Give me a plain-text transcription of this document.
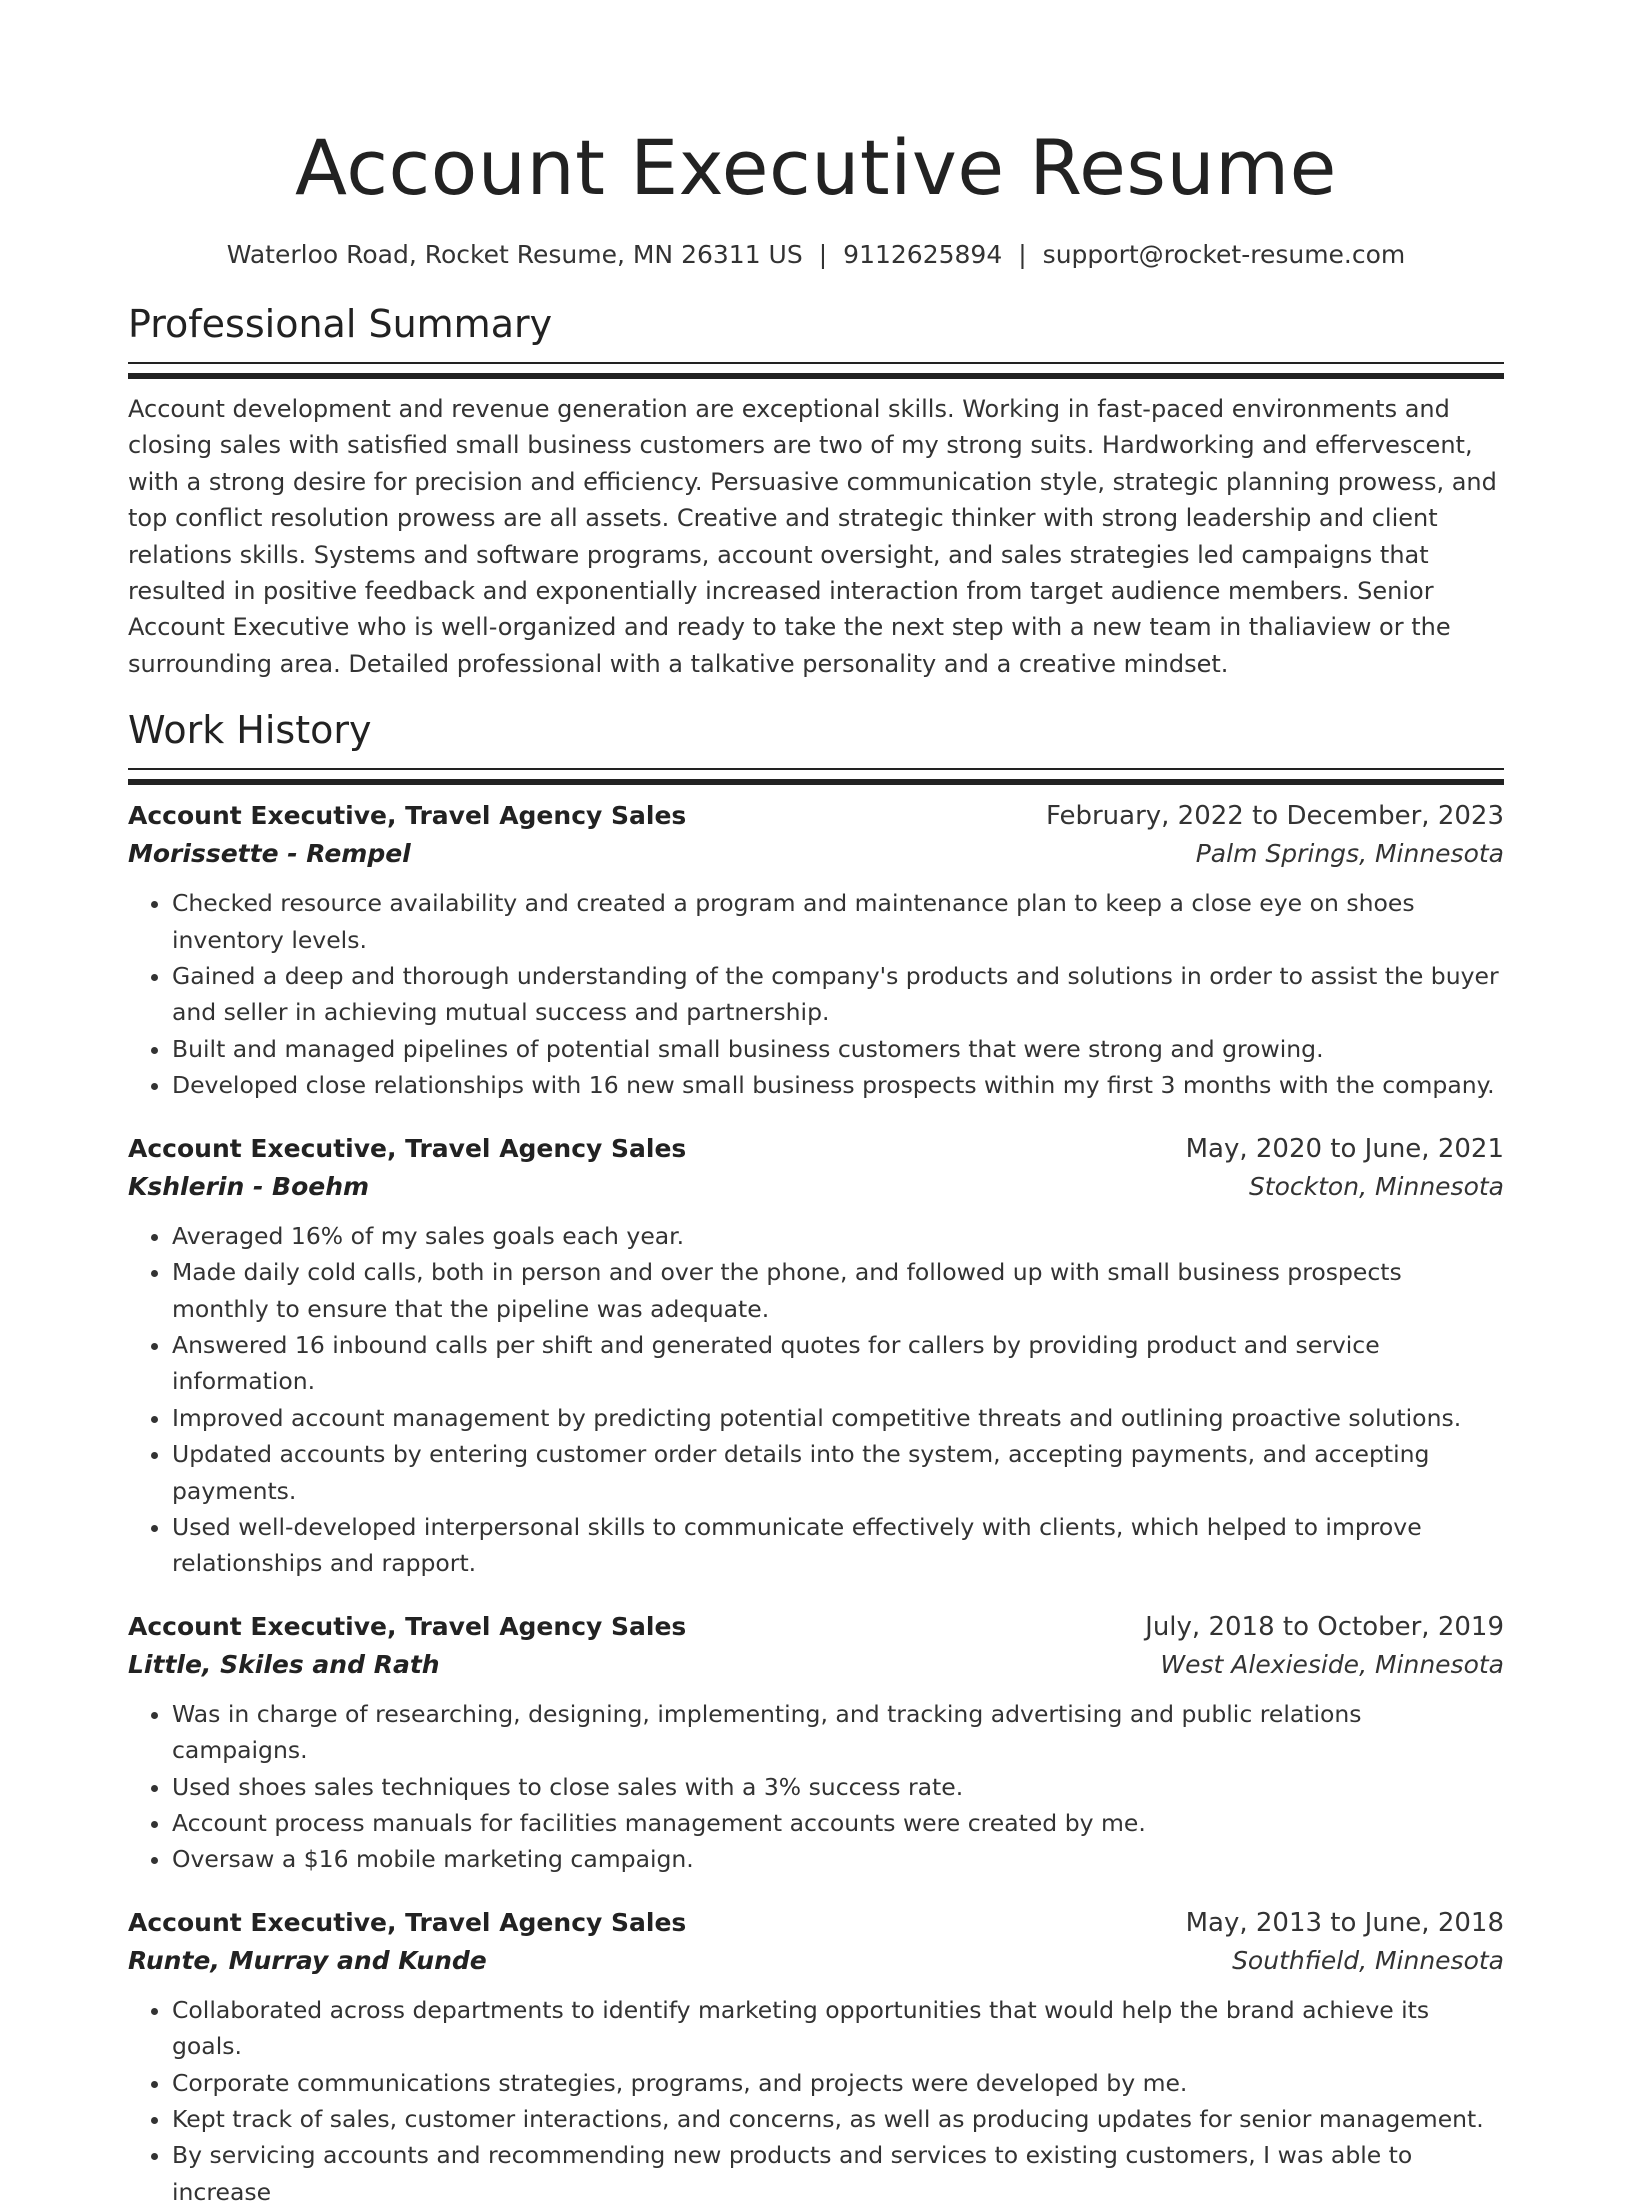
Account Executive Resume
Waterloo Road, Rocket Resume, MN 26311 US | 9112625894 | support@rocket-resume.com
Professional Summary

Account development and revenue generation are exceptional skills. Working in fast-paced environments and closing sales with satisfied small business customers are two of my strong suits. Hardworking and effervescent, with a strong desire for precision and efficiency. Persuasive communication style, strategic planning prowess, and top conflict resolution prowess are all assets. Creative and strategic thinker with strong leadership and client relations skills. Systems and software programs, account oversight, and sales strategies led campaigns that resulted in positive feedback and exponentially increased interaction from target audience members. Senior Account Executive who is well-organized and ready to take the next step with a new team in thaliaview or the surrounding area. Detailed professional with a talkative personality and a creative mindset.

Work History
Account Executive, Travel Agency Sales	February, 2022 to December, 2023
Morissette - Rempel	Palm Springs, Minnesota
• Checked resource availability and created a program and maintenance plan to keep a close eye on shoes inventory levels.
• Gained a deep and thorough understanding of the company's products and solutions in order to assist the buyer and seller in achieving mutual success and partnership.
• Built and managed pipelines of potential small business customers that were strong and growing.
• Developed close relationships with 16 new small business prospects within my first 3 months with the company.
Account Executive, Travel Agency Sales	May, 2020 to June, 2021
Kshlerin - Boehm	Stockton, Minnesota
• Averaged 16% of my sales goals each year.
• Made daily cold calls, both in person and over the phone, and followed up with small business prospects monthly to ensure that the pipeline was adequate.
• Answered 16 inbound calls per shift and generated quotes for callers by providing product and service information.
• Improved account management by predicting potential competitive threats and outlining proactive solutions.
• Updated accounts by entering customer order details into the system, accepting payments, and accepting payments.
• Used well-developed interpersonal skills to communicate effectively with clients, which helped to improve relationships and rapport.
Account Executive, Travel Agency Sales	July, 2018 to October, 2019
Little, Skiles and Rath	West Alexieside, Minnesota
• Was in charge of researching, designing, implementing, and tracking advertising and public relations campaigns.
• Used shoes sales techniques to close sales with a 3% success rate.
• Account process manuals for facilities management accounts were created by me.
• Oversaw a $16 mobile marketing campaign.
Account Executive, Travel Agency Sales	May, 2013 to June, 2018
Runte, Murray and Kunde	Southfield, Minnesota
• Collaborated across departments to identify marketing opportunities that would help the brand achieve its goals.
• Corporate communications strategies, programs, and projects were developed by me.
• Kept track of sales, customer interactions, and concerns, as well as producing updates for senior management.
• By servicing accounts and recommending new products and services to existing customers, I was able to increase
